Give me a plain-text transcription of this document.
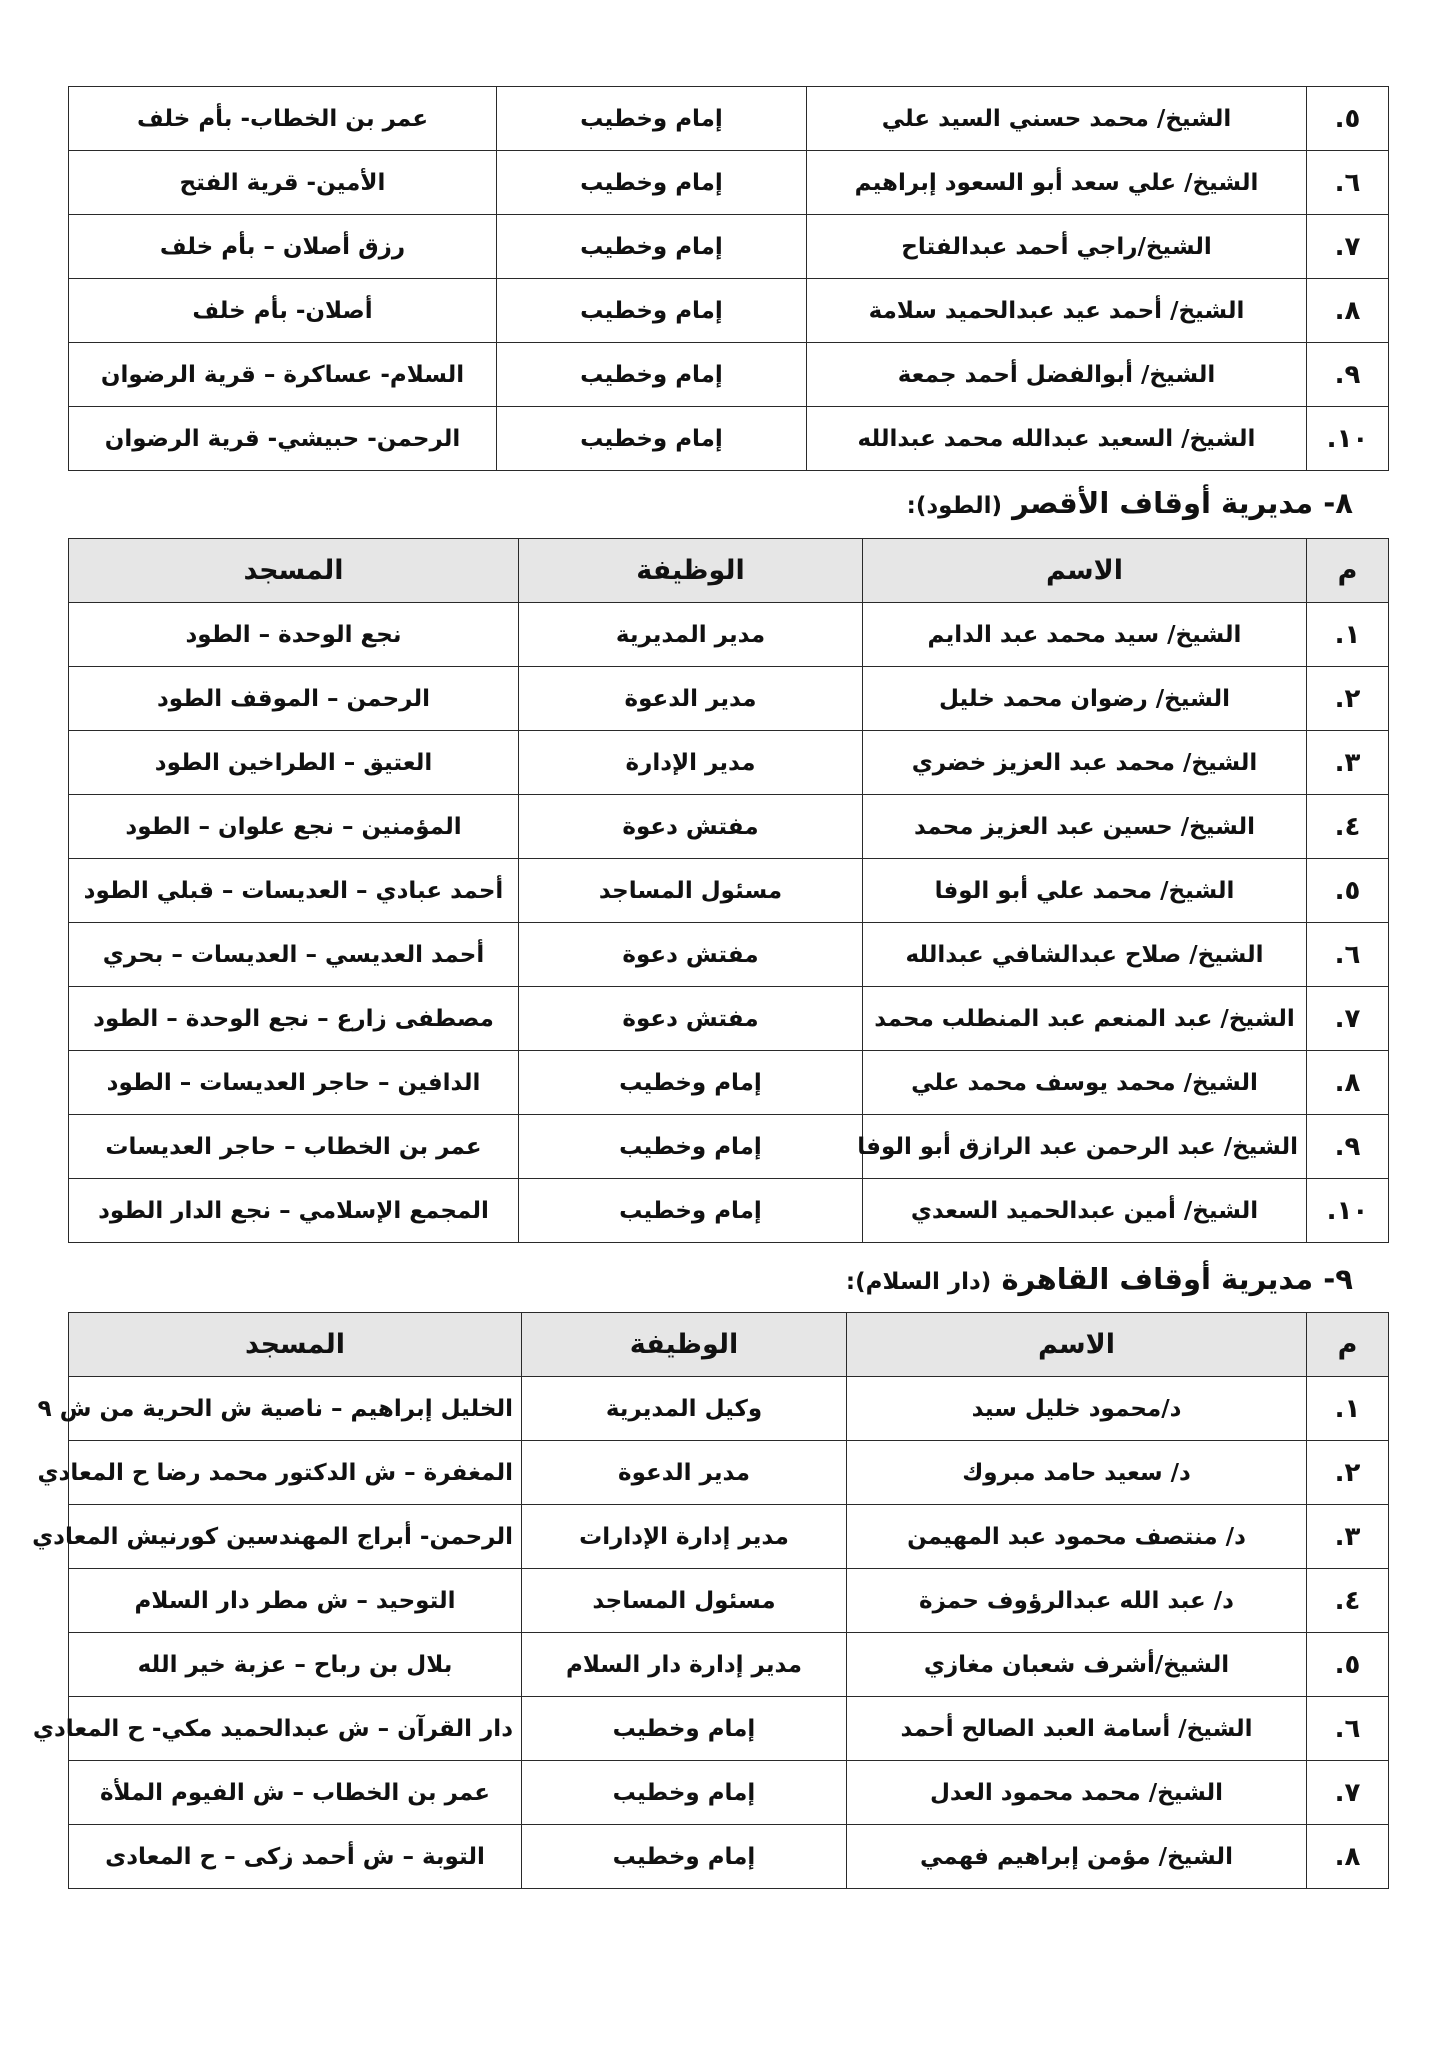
٥.	الشيخ/ محمد حسني السيد علي	إمام وخطيب	عمر بن الخطاب- بأم خلف
٦.	الشيخ/ علي سعد أبو السعود إبراهيم	إمام وخطيب	الأمين- قرية الفتح
٧.	الشيخ/راجي أحمد عبدالفتاح	إمام وخطيب	رزق أصلان – بأم خلف
٨.	الشيخ/ أحمد عيد عبدالحميد سلامة	إمام وخطيب	أصلان- بأم خلف
٩.	الشيخ/ أبوالفضل أحمد جمعة	إمام وخطيب	السلام- عساكرة – قرية الرضوان
١٠.	الشيخ/ السعيد عبدالله محمد عبدالله	إمام وخطيب	الرحمن- حبيشي- قرية الرضوان
٨- مديرية أوقاف الأقصر (الطود):
م	الاسم	الوظيفة	المسجد
١.	الشيخ/ سيد محمد عبد الدايم	مدير المديرية	نجع الوحدة – الطود
٢.	الشيخ/ رضوان محمد خليل	مدير الدعوة	الرحمن – الموقف الطود
٣.	الشيخ/ محمد عبد العزيز خضري	مدير الإدارة	العتيق – الطراخين الطود
٤.	الشيخ/ حسين عبد العزيز محمد	مفتش دعوة	المؤمنين – نجع علوان – الطود
٥.	الشيخ/ محمد علي أبو الوفا	مسئول المساجد	أحمد عبادي – العديسات – قبلي الطود
٦.	الشيخ/ صلاح عبدالشافي عبدالله	مفتش دعوة	أحمد العديسي – العديسات – بحري
٧.	الشيخ/ عبد المنعم عبد المنطلب محمد	مفتش دعوة	مصطفى زارع – نجع الوحدة – الطود
٨.	الشيخ/ محمد يوسف محمد علي	إمام وخطيب	الدافين – حاجر العديسات – الطود
٩.	الشيخ/ عبد الرحمن عبد الرازق أبو الوفا	إمام وخطيب	عمر بن الخطاب – حاجر العديسات
١٠.	الشيخ/ أمين عبدالحميد السعدي	إمام وخطيب	المجمع الإسلامي – نجع الدار الطود
٩- مديرية أوقاف القاهرة (دار السلام):
م	الاسم	الوظيفة	المسجد
١.	د/محمود خليل سيد	وكيل المديرية	الخليل إبراهيم – ناصية ش الحرية من ش ٩
٢.	د/ سعيد حامد مبروك	مدير الدعوة	المغفرة – ش الدكتور محمد رضا ح المعادي
٣.	د/ منتصف محمود عبد المهيمن	مدير إدارة الإدارات	الرحمن- أبراج المهندسين كورنيش المعادي
٤.	د/ عبد الله عبدالرؤوف حمزة	مسئول المساجد	التوحيد – ش مطر دار السلام
٥.	الشيخ/أشرف شعبان مغازي	مدير إدارة دار السلام	بلال بن رباح – عزبة خير الله
٦.	الشيخ/ أسامة العبد الصالح أحمد	إمام وخطيب	دار القرآن – ش عبدالحميد مكي- ح المعادي
٧.	الشيخ/ محمد محمود العدل	إمام وخطيب	عمر بن الخطاب – ش الفيوم الملأة
٨.	الشيخ/ مؤمن إبراهيم فهمي	إمام وخطيب	التوبة – ش أحمد زكى – ح المعادى
